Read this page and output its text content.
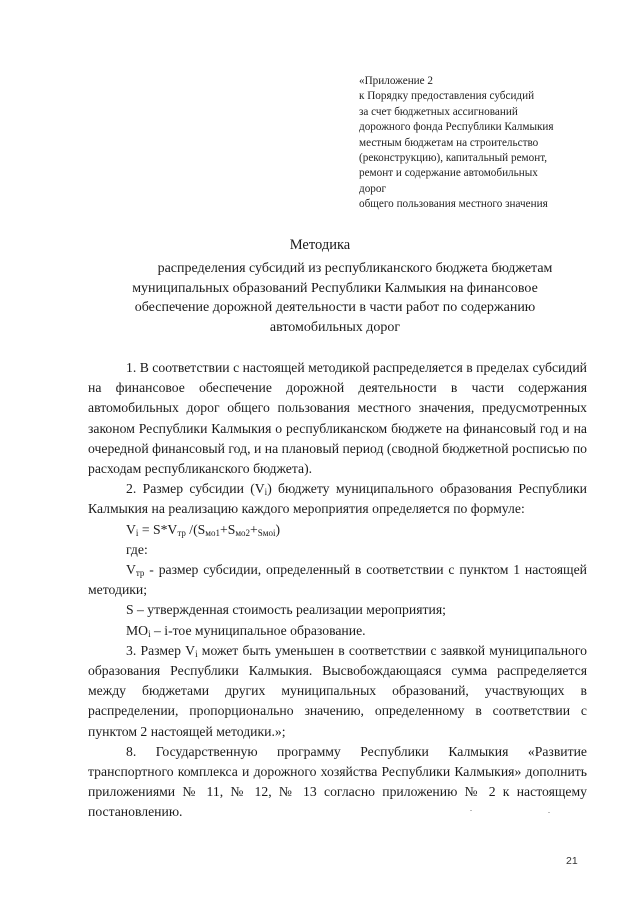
«Приложение 2
к Порядку предоставления субсидий
за счет бюджетных ассигнований
дорожного фонда Республики Калмыкия
местным бюджетам на строительство
(реконструкцию), капитальный ремонт,
ремонт и содержание автомобильных
дорог
общего пользования местного значения
Методика
распределения субсидий из республиканского бюджета бюджетам
муниципальных образований Республики Калмыкия на финансовое
обеспечение дорожной деятельности в части работ по содержанию
автомобильных дорог

1. В соответствии с настоящей методикой распределяется в пределах субсидий на финансовое обеспечение дорожной деятельности в части содержания автомобильных дорог общего пользования местного значения, предусмотренных законом Республики Калмыкия о республиканском бюджете на финансовый год и на очередной финансовый год, и на плановый период (сводной бюджетной росписью по расходам республиканского бюджета).

2. Размер субсидии $(V_i)$ бюджету муниципального образования Республики Калмыкия на реализацию каждого мероприятия определяется по формуле:

$V_i = S*V_{тр}$ $/(S_{мо1}+S_{мо2}+_{Sмоi})$

где:

$V_{тр}$ - размер субсидии, определенный в соответствии с пунктом 1 настоящей методики;

S – утвержденная стоимость реализации мероприятия;

$МО_i - i-тое$ муниципальное образование.

3. Размер $V_i$ может быть уменьшен в соответствии с заявкой муниципального образования Республики Калмыкия. Высвобождающаяся сумма распределяется между бюджетами других муниципальных образований, участвующих в распределении, пропорционально значению, определенному в соответствии с пунктом 2 настоящей методики.»;

8. Государственную программу Республики Калмыкия «Развитие транспортного комплекса и дорожного хозяйства Республики Калмыкия» дополнить приложениями № 11, № 12, № 13 согласно приложению № 2 к настоящему постановлению.

21
